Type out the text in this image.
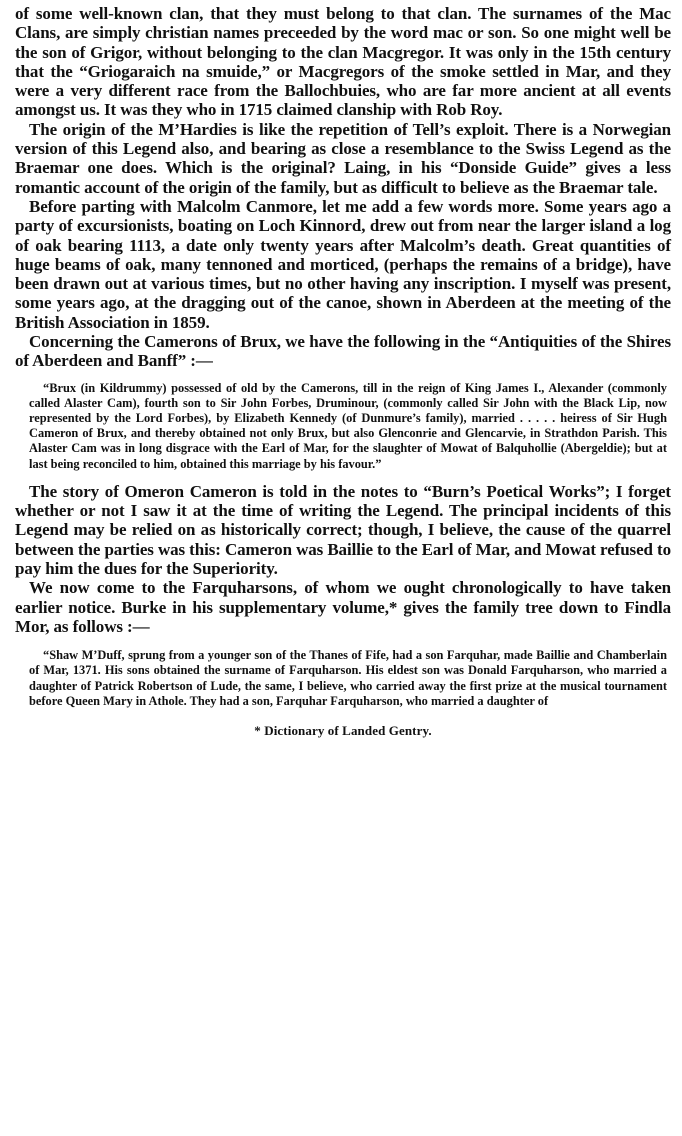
of some well-known clan, that they must belong to that clan. The surnames of the Mac Clans, are simply christian names preceeded by the word mac or son. So one might well be the son of Grigor, without belonging to the clan Macgregor. It was only in the 15th century that the “Griogaraich na smuide,” or Macgregors of the smoke settled in Mar, and they were a very different race from the Ballochbuies, who are far more ancient at all events amongst us. It was they who in 1715 claimed clanship with Rob Roy.

The origin of the M’Hardies is like the repetition of Tell’s exploit. There is a Norwegian version of this Legend also, and bearing as close a resemblance to the Swiss Legend as the Braemar one does. Which is the original? Laing, in his “Donside Guide” gives a less romantic account of the origin of the family, but as difficult to believe as the Braemar tale.

Before parting with Malcolm Canmore, let me add a few words more. Some years ago a party of excursionists, boating on Loch Kinnord, drew out from near the larger island a log of oak bearing 1113, a date only twenty years after Malcolm’s death. Great quantities of huge beams of oak, many tennoned and morticed, (perhaps the remains of a bridge), have been drawn out at various times, but no other having any inscription. I myself was present, some years ago, at the dragging out of the canoe, shown in Aberdeen at the meeting of the British Association in 1859.

Concerning the Camerons of Brux, we have the following in the “Antiquities of the Shires of Aberdeen and Banff” :—

“Brux (in Kildrummy) possessed of old by the Camerons, till in the reign of King James I., Alexander (commonly called Alaster Cam), fourth son to Sir John Forbes, Druminour, (commonly called Sir John with the Black Lip, now represented by the Lord Forbes), by Elizabeth Kennedy (of Dunmure’s family), married . . . . . heiress of Sir Hugh Cameron of Brux, and thereby obtained not only Brux, but also Glenconrie and Glencarvie, in Strathdon Parish. This Alaster Cam was in long disgrace with the Earl of Mar, for the slaughter of Mowat of Balquhollie (Abergeldie); but at last being reconciled to him, obtained this marriage by his favour.”

The story of Omeron Cameron is told in the notes to “Burn’s Poetical Works”; I forget whether or not I saw it at the time of writing the Legend. The principal incidents of this Legend may be relied on as historically correct; though, I believe, the cause of the quarrel between the parties was this: Cameron was Baillie to the Earl of Mar, and Mowat refused to pay him the dues for the Superiority.

We now come to the Farquharsons, of whom we ought chronologically to have taken earlier notice. Burke in his supplementary volume,* gives the family tree down to Findla Mor, as follows :—

“Shaw M’Duff, sprung from a younger son of the Thanes of Fife, had a son Farquhar, made Baillie and Chamberlain of Mar, 1371. His sons obtained the surname of Farquharson. His eldest son was Donald Farquharson, who married a daughter of Patrick Robertson of Lude, the same, I believe, who carried away the first prize at the musical tournament before Queen Mary in Athole. They had a son, Farquhar Farquharson, who married a daughter of

* Dictionary of Landed Gentry.
